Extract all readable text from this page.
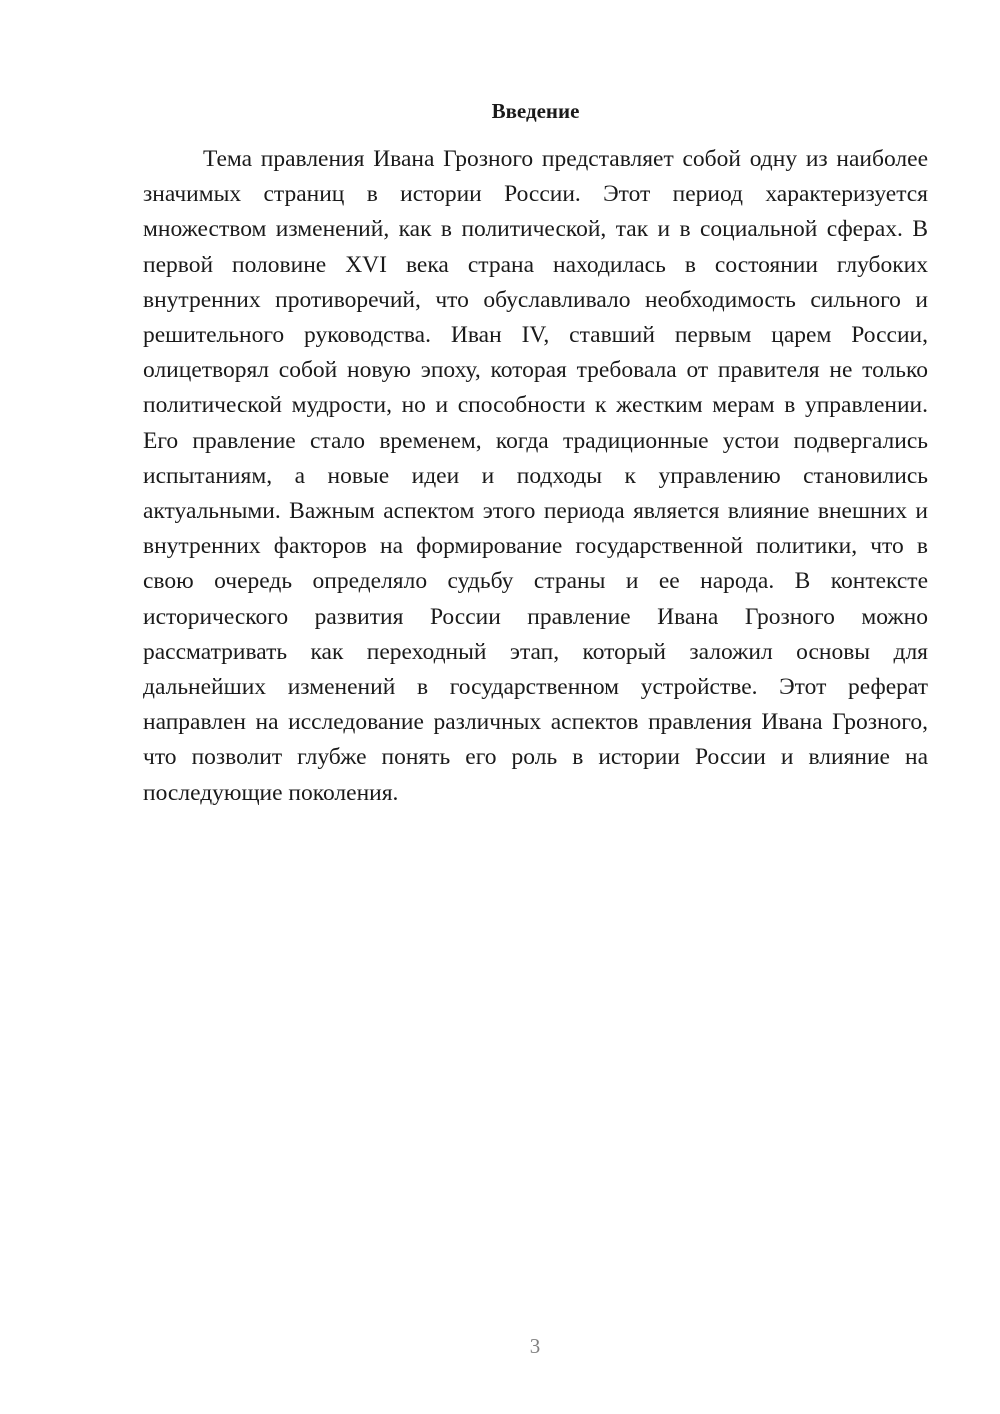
Введение

Тема правления Ивана Грозного представляет собой одну из наиболее значимых страниц в истории России. Этот период характеризуется множеством изменений, как в политической, так и в социальной сферах. В первой половине XVI века страна находилась в состоянии глубоких внутренних противоречий, что обуславливало необходимость сильного и решительного руководства. Иван IV, ставший первым царем России, олицетворял собой новую эпоху, которая требовала от правителя не только политической мудрости, но и способности к жестким мерам в управлении. Его правление стало временем, когда традиционные устои подвергались испытаниям, а новые идеи и подходы к управлению становились актуальными. Важным аспектом этого периода является влияние внешних и внутренних факторов на формирование государственной политики, что в свою очередь определяло судьбу страны и ее народа. В контексте исторического развития России правление Ивана Грозного можно рассматривать как переходный этап, который заложил основы для дальнейших изменений в государственном устройстве. Этот реферат направлен на исследование различных аспектов правления Ивана Грозного, что позволит глубже понять его роль в истории России и влияние на последующие поколения.

3
